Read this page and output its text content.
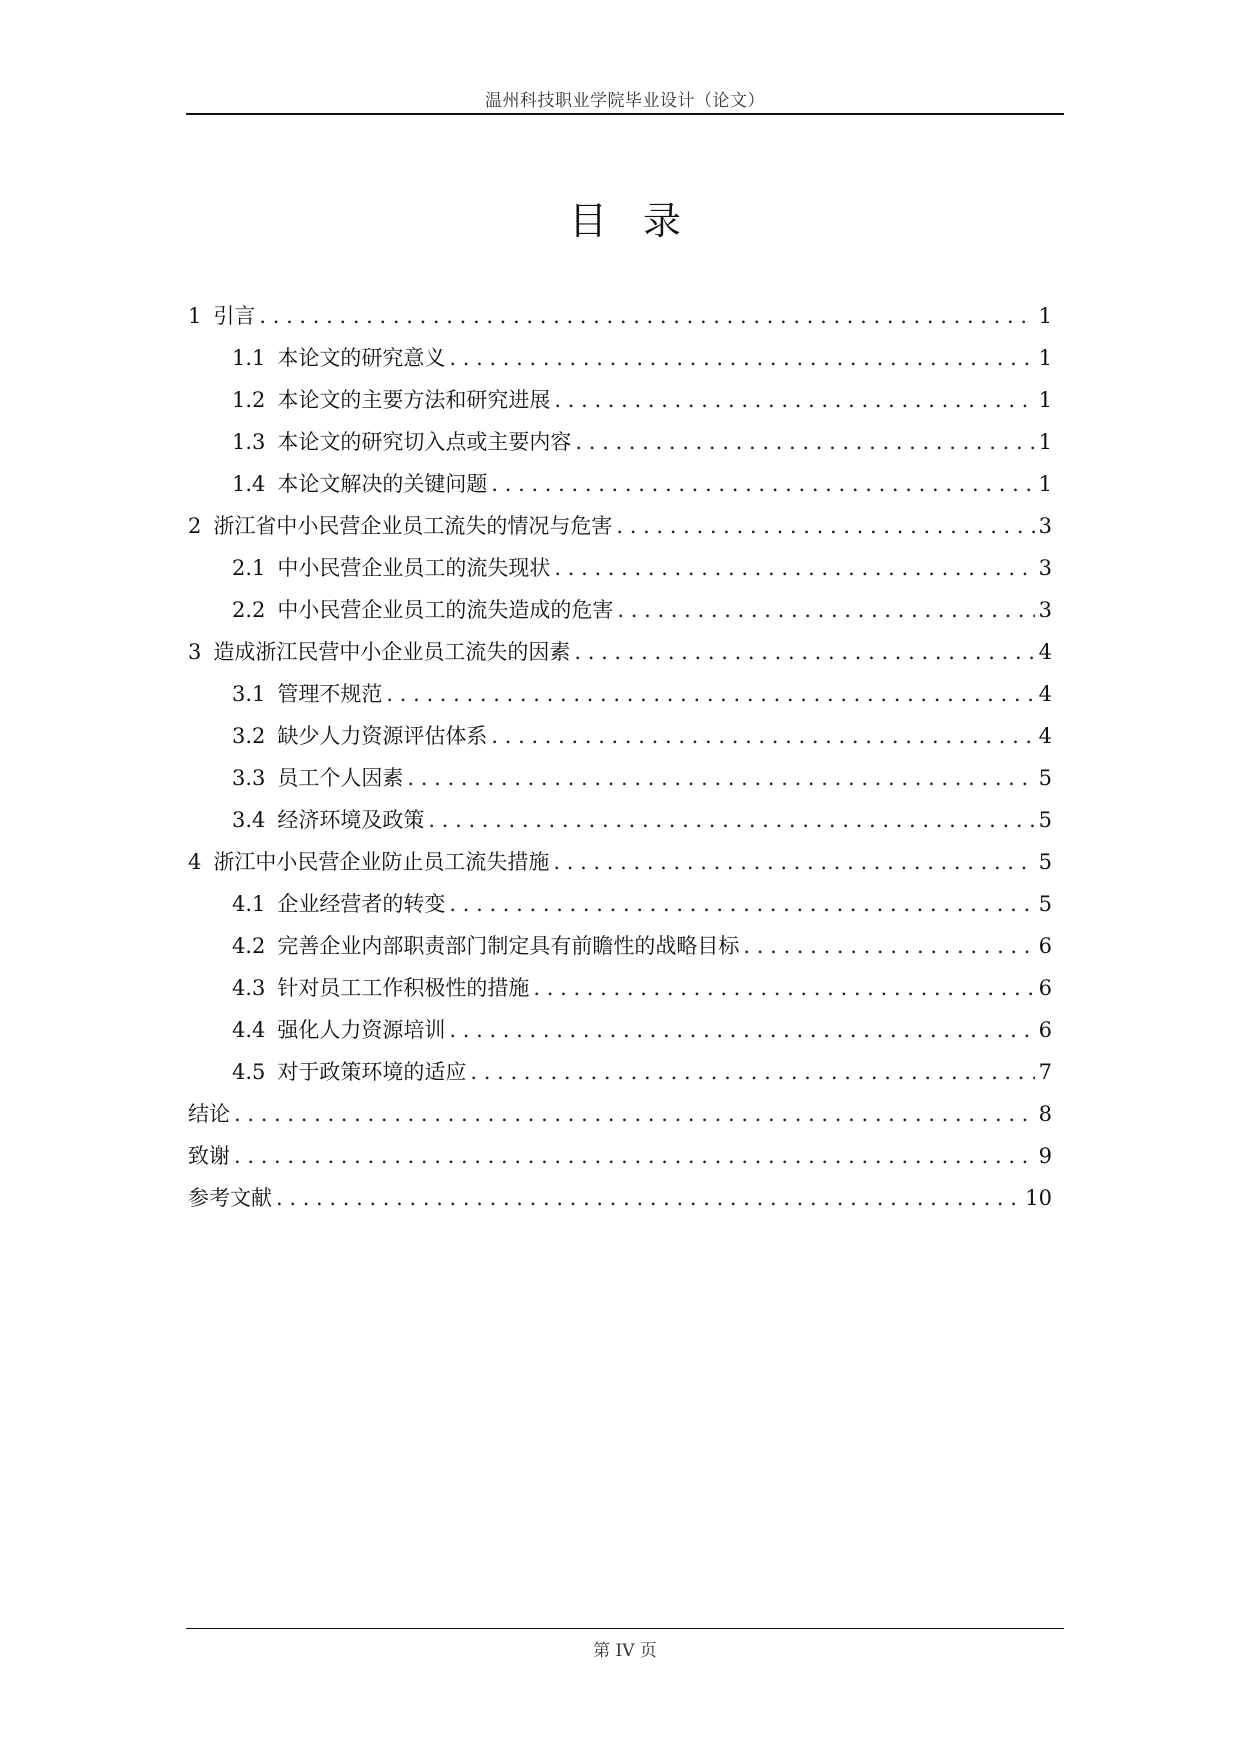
温州科技职业学院毕业设计（论文）
目录
1 引言 . . .	1
1.1 本论文的研究意义 . . .	1
1.2 本论文的主要方法和研究进展 . . .	1
1.3 本论文的研究切入点或主要内容 . . .	1
1.4 本论文解决的关键问题 . . .	1
2 浙江省中小民营企业员工流失的情况与危害 . . .	3
2.1 中小民营企业员工的流失现状 . . .	3
2.2 中小民营企业员工的流失造成的危害 . . .	3
3 造成浙江民营中小企业员工流失的因素 . . .	4
3.1 管理不规范 . . .	4
3.2 缺少人力资源评估体系 . . .	4
3.3 员工个人因素 . . .	5
3.4 经济环境及政策 . . .	5
4 浙江中小民营企业防止员工流失措施 . . .	5
4.1 企业经营者的转变 . . .	5
4.2 完善企业内部职责部门制定具有前瞻性的战略目标 . . .	6
4.3 针对员工工作积极性的措施 . . .	6
4.4 强化人力资源培训 . . .	6
4.5 对于政策环境的适应 . . .	7
结论 . . .	8
致谢 . . .	9
参考文献 . . .	10
第 IV 页
